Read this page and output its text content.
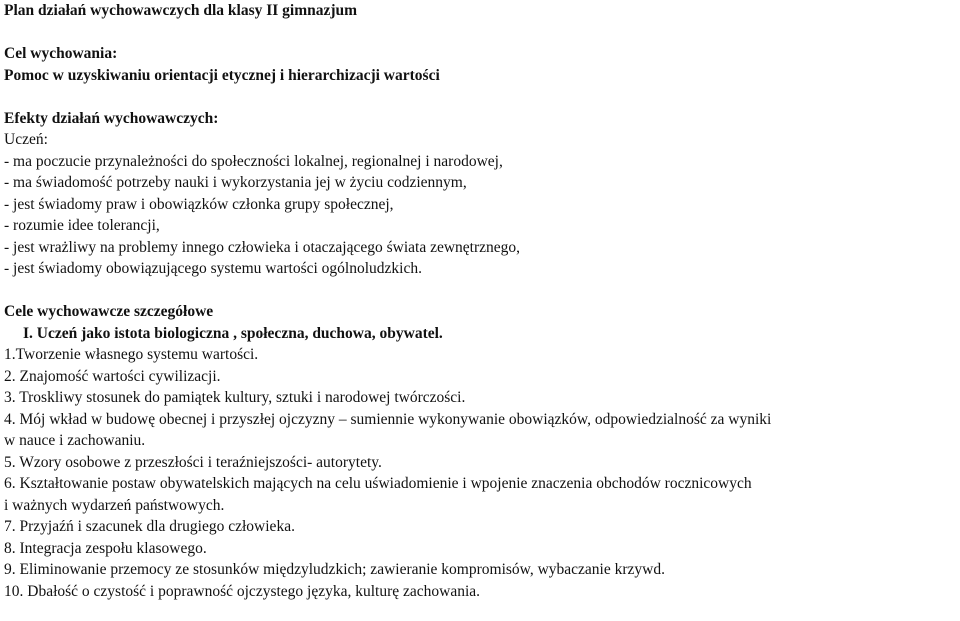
Plan działań wychowawczych dla klasy II gimnazjum
Cel wychowania:
Pomoc w uzyskiwaniu orientacji etycznej i hierarchizacji wartości
Efekty działań wychowawczych:
Uczeń:
- ma poczucie przynależności do społeczności lokalnej, regionalnej i narodowej,
- ma świadomość potrzeby nauki i wykorzystania jej w życiu codziennym,
- jest świadomy praw i obowiązków członka grupy społecznej,
- rozumie idee tolerancji,
- jest wrażliwy na problemy innego człowieka i otaczającego świata zewnętrznego,
- jest świadomy obowiązującego systemu wartości ogólnoludzkich.
Cele wychowawcze szczegółowe
I. Uczeń jako istota biologiczna , społeczna, duchowa, obywatel.
1.Tworzenie własnego systemu wartości.
2. Znajomość wartości cywilizacji.
3. Troskliwy stosunek do pamiątek kultury, sztuki i narodowej twórczości.
4. Mój wkład w budowę obecnej i przyszłej ojczyzny – sumiennie wykonywanie obowiązków, odpowiedzialność za wyniki
w nauce i zachowaniu.
5. Wzory osobowe z przeszłości i teraźniejszości- autorytety.
6. Kształtowanie postaw obywatelskich mających na celu uświadomienie i wpojenie znaczenia obchodów rocznicowych
i ważnych wydarzeń państwowych.
7. Przyjaźń i szacunek dla drugiego człowieka.
8. Integracja zespołu klasowego.
9. Eliminowanie przemocy ze stosunków międzyludzkich; zawieranie kompromisów, wybaczanie krzywd.
10. Dbałość o czystość i poprawność ojczystego języka, kulturę zachowania.
